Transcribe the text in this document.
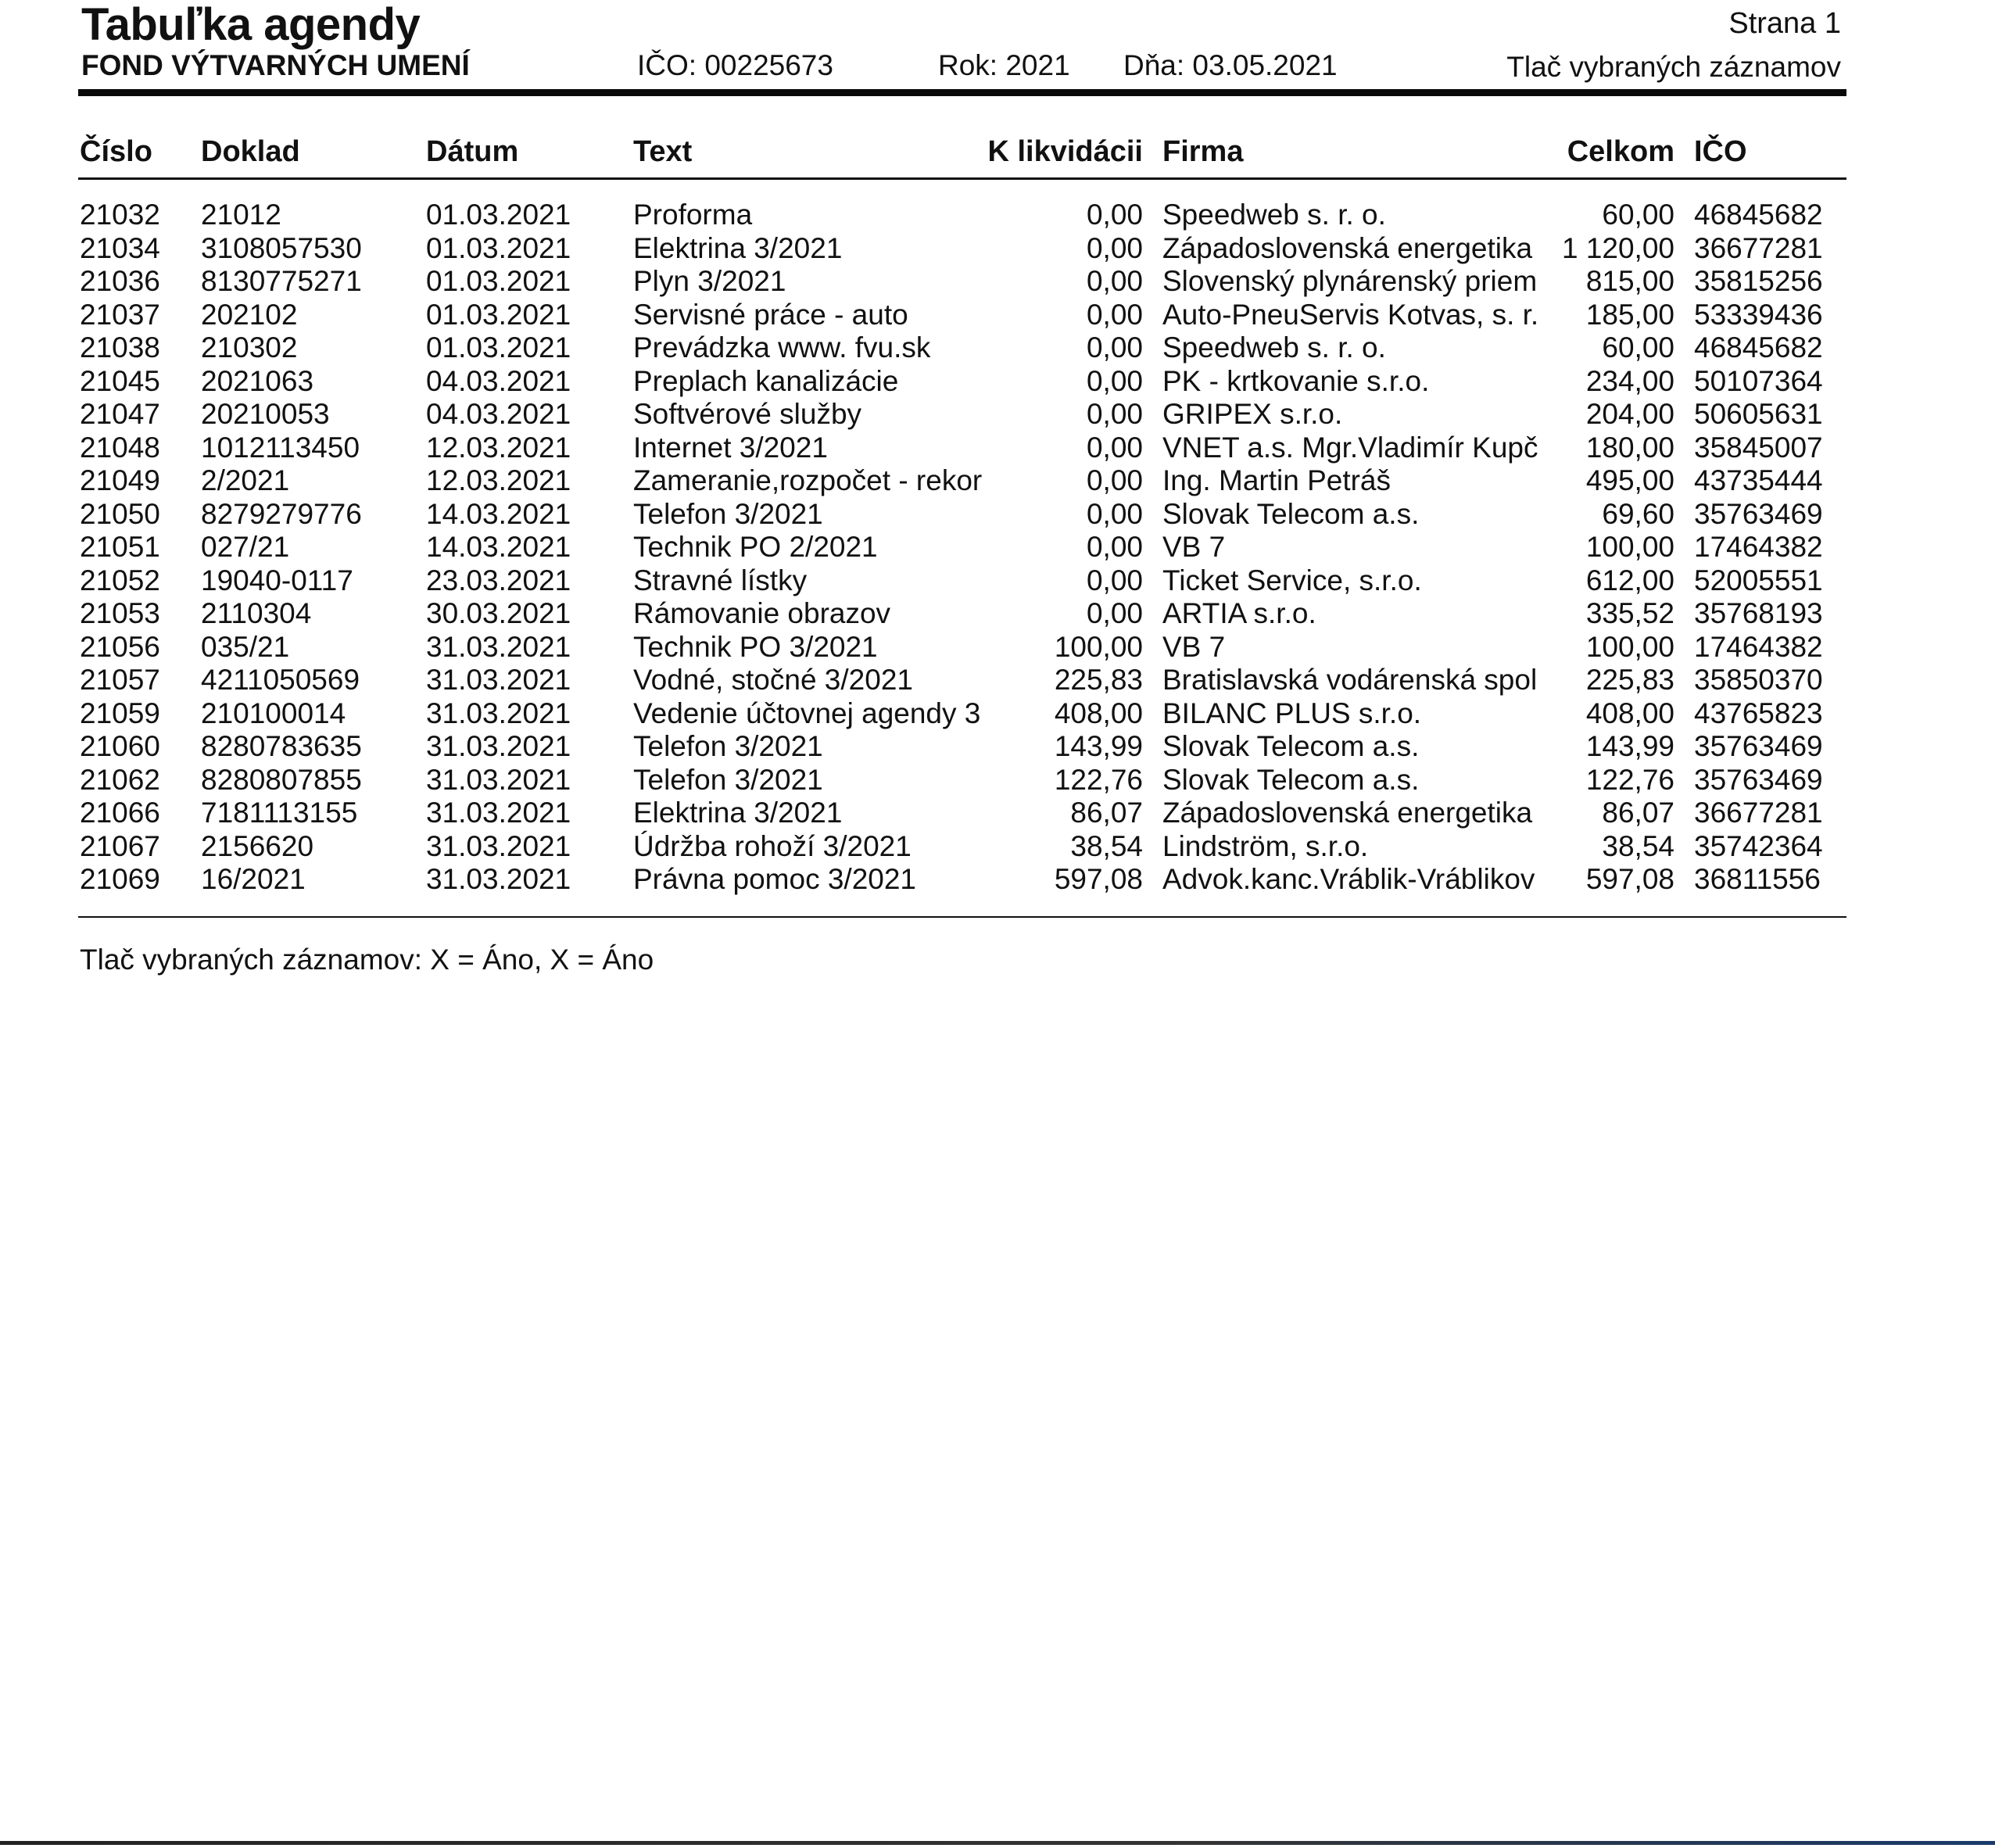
Tabuľka agendy	Strana 1
FOND VÝTVARNÝCH UMENÍ	IČO: 00225673	Rok: 2021 Dňa: 03.05.2021	Tlač vybraných záznamov
Číslo Doklad	Dátum	Text	K likvidácii Firma	Celkom IČO
21032 21012	01.03.2021 Proforma	0,00 Speedweb s. r. o.	60,00 46845682
21034 3108057530 01.03.2021 Elektrina 3/2021	0,00 Západoslovenská energetika	1 120,00 36677281
21036 8130775271 01.03.2021 Plyn 3/2021	0,00 Slovenský plynárenský priem	815,00 35815256
21037 202102	01.03.2021 Servisné práce - auto	0,00 Auto-PneuServis Kotvas, s. r.	185,00 53339436
21038 210302	01.03.2021 Prevádzka www. fvu.sk	0,00 Speedweb s. r. o.	60,00 46845682
21045 2021063	04.03.2021 Preplach kanalizácie	0,00 PK - krtkovanie s.r.o.	234,00 50107364
21047 20210053	04.03.2021 Softvérové služby	0,00 GRIPEX s.r.o.	204,00 50605631
21048 1012113450 12.03.2021 Internet 3/2021	0,00 VNET a.s. Mgr.Vladimír Kupč	180,00 35845007
21049 2/2021	12.03.2021 Zameranie,rozpočet - rekor	0,00 Ing. Martin Petráš	495,00 43735444
21050 8279279776 14.03.2021 Telefon 3/2021	0,00 Slovak Telecom a.s.	69,60 35763469
21051 027/21	14.03.2021 Technik PO 2/2021	0,00 VB 7	100,00 17464382
21052 19040-0117	23.03.2021 Stravné lístky	0,00 Ticket Service, s.r.o.	612,00 52005551
21053 2110304	30.03.2021 Rámovanie obrazov	0,00 ARTIA s.r.o.	335,52 35768193
21056 035/21	31.03.2021 Technik PO 3/2021	100,00 VB 7	100,00 17464382
21057 4211050569 31.03.2021 Vodné, stočné 3/2021	225,83 Bratislavská vodárenská spol	225,83 35850370
21059 210100014	31.03.2021 Vedenie účtovnej agendy 3	408,00 BILANC PLUS s.r.o.	408,00 43765823
21060 8280783635 31.03.2021 Telefon 3/2021	143,99 Slovak Telecom a.s.	143,99 35763469
21062 8280807855 31.03.2021 Telefon 3/2021	122,76 Slovak Telecom a.s.	122,76 35763469
21066 7181113155 31.03.2021 Elektrina 3/2021	86,07 Západoslovenská energetika	86,07 36677281
21067 2156620	31.03.2021 Údržba rohoží 3/2021	38,54 Lindström, s.r.o.	38,54 35742364
21069 16/2021	31.03.2021 Právna pomoc 3/2021	597,08 Advok.kanc.Vráblik-Vráblikov	597,08 36811556
Tlač vybraných záznamov: X = Áno, X = Áno
